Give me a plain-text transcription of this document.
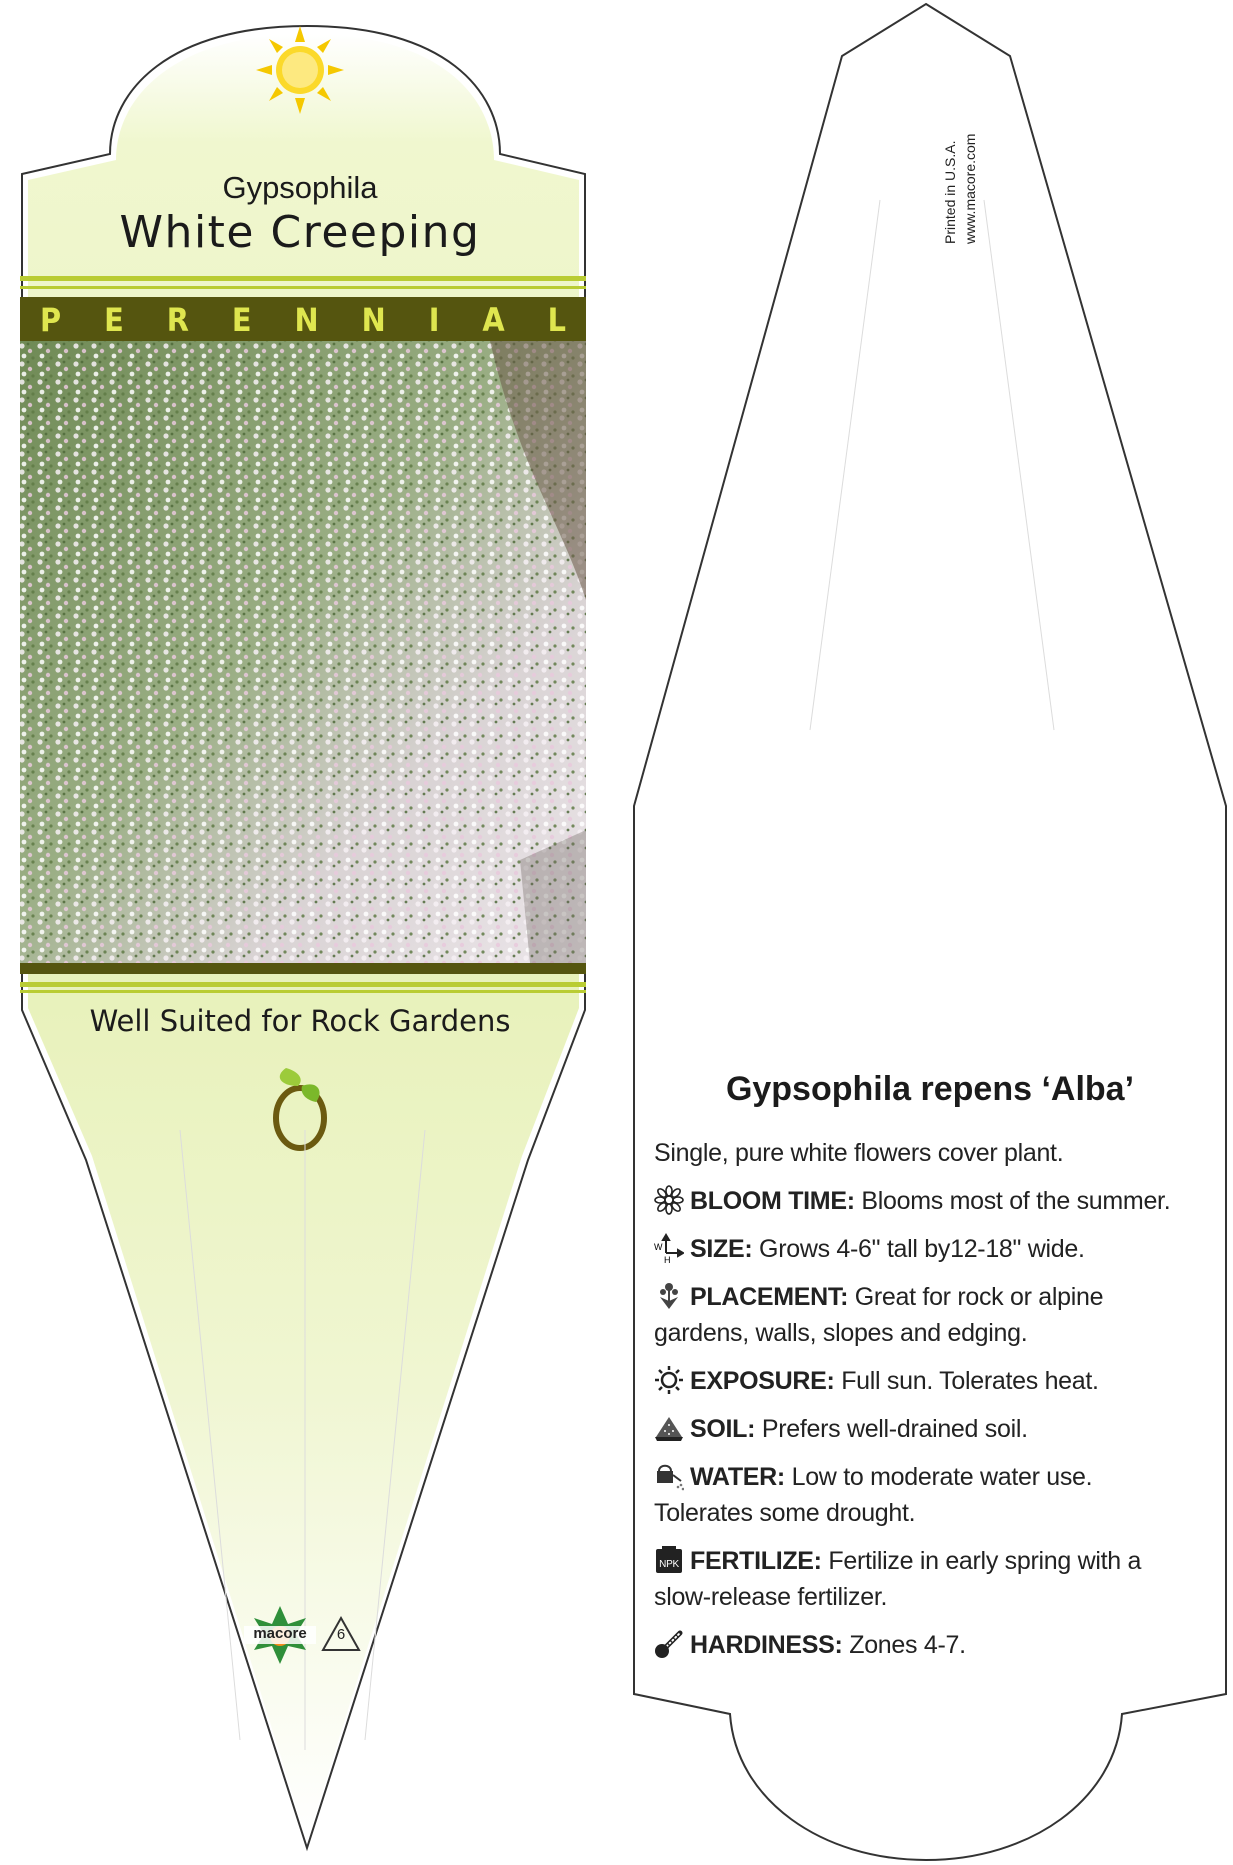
Gypsophila
White Creeping
P E R E N N I A L
Well Suited for Rock Gardens
macore	6
Printed in U.S.A. www.macore.com
Gypsophila repens ‘Alba’
Single, pure white flowers cover plant.
BLOOM TIME: Blooms most of the summer.
W
H SIZE: Grows 4-6" tall by12-18" wide.
PLACEMENT: Great for rock or alpine gardens, walls, slopes and edging.
EXPOSURE: Full sun. Tolerates heat.
SOIL: Prefers well-drained soil.
WATER: Low to moderate water use. Tolerates some drought.
NPK FERTILIZE: Fertilize in early spring with a slow-release fertilizer.
HARDINESS: Zones 4-7.
